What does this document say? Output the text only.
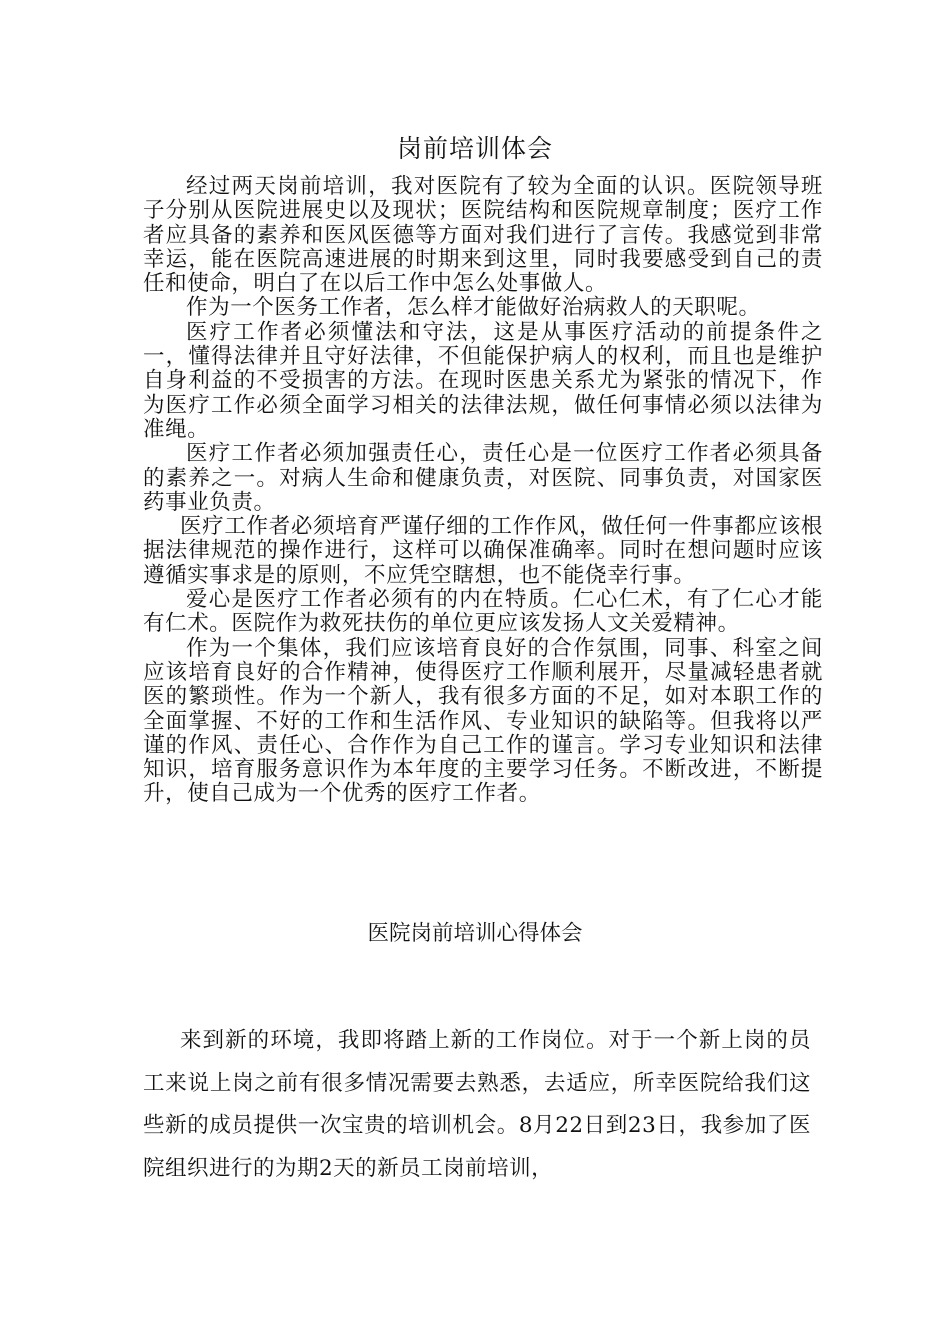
岗前培训体会

经过两天岗前培训，我对医院有了较为全面的认识。医院领导班子分别从医院进展史以及现状；医院结构和医院规章制度；医疗工作者应具备的素养和医风医德等方面对我们进行了言传。我感觉到非常幸运，能在医院高速进展的时期来到这里，同时我要感受到自己的责任和使命，明白了在以后工作中怎么处事做人。

作为一个医务工作者，怎么样才能做好治病救人的天职呢。

医疗工作者必须懂法和守法，这是从事医疗活动的前提条件之一，懂得法律并且守好法律，不但能保护病人的权利，而且也是维护自身利益的不受损害的方法。在现时医患关系尤为紧张的情况下，作为医疗工作必须全面学习相关的法律法规，做任何事情必须以法律为准绳。

医疗工作者必须加强责任心，责任心是一位医疗工作者必须具备的素养之一。对病人生命和健康负责，对医院、同事负责，对国家医药事业负责。

医疗工作者必须培育严谨仔细的工作作风，做任何一件事都应该根据法律规范的操作进行，这样可以确保准确率。同时在想问题时应该遵循实事求是的原则，不应凭空瞎想，也不能侥幸行事。

爱心是医疗工作者必须有的内在特质。仁心仁术，有了仁心才能有仁术。医院作为救死扶伤的单位更应该发扬人文关爱精神。

作为一个集体，我们应该培育良好的合作氛围，同事、科室之间应该培育良好的合作精神，使得医疗工作顺利展开，尽量减轻患者就医的繁琐性。作为一个新人，我有很多方面的不足，如对本职工作的全面掌握、不好的工作和生活作风、专业知识的缺陷等。但我将以严谨的作风、责任心、合作作为自己工作的谨言。学习专业知识和法律知识，培育服务意识作为本年度的主要学习任务。不断改进，不断提升，使自己成为一个优秀的医疗工作者。

医院岗前培训心得体会

来到新的环境，我即将踏上新的工作岗位。对于一个新上岗的员工来说上岗之前有很多情况需要去熟悉，去适应，所幸医院给我们这些新的成员提供一次宝贵的培训机会。8月22日到23日，我参加了医院组织进行的为期2天的新员工岗前培训，
